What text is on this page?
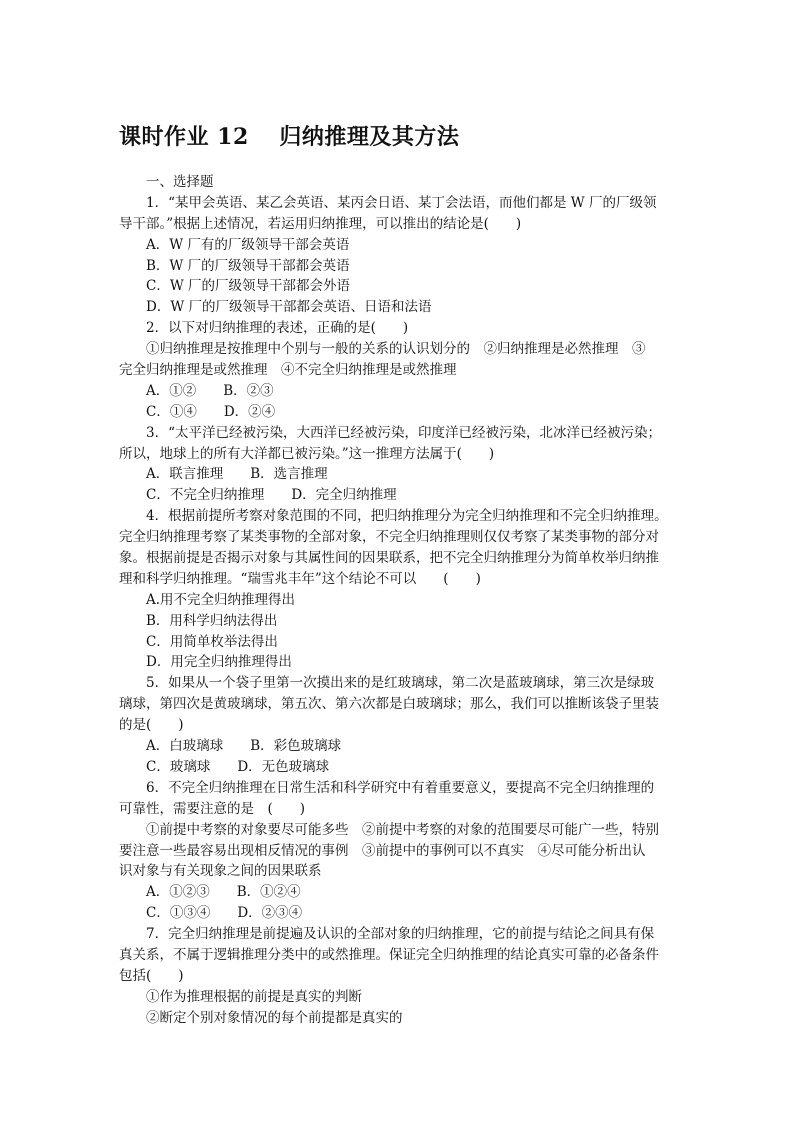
课时作业 12　 归纳推理及其方法
一、选择题
1．“某甲会英语、某乙会英语、某丙会日语、某丁会法语，而他们都是 W 厂的厂级领
导干部。”根据上述情况，若运用归纳推理，可以推出的结论是(　　)
A．W 厂有的厂级领导干部会英语
B．W 厂的厂级领导干部都会英语
C．W 厂的厂级领导干部都会外语
D．W 厂的厂级领导干部都会英语、日语和法语
2．以下对归纳推理的表述，正确的是(　　)
①归纳推理是按推理中个别与一般的关系的认识划分的　②归纳推理是必然推理　③
完全归纳推理是或然推理　④不完全归纳推理是或然推理
A．①②　　B．②③
C．①④　　D．②④
3．“太平洋已经被污染，大西洋已经被污染，印度洋已经被污染，北冰洋已经被污染；
所以，地球上的所有大洋都已被污染。”这一推理方法属于(　　)
A．联言推理　　B．选言推理
C．不完全归纳推理　　D．完全归纳推理
4．根据前提所考察对象范围的不同，把归纳推理分为完全归纳推理和不完全归纳推理。
完全归纳推理考察了某类事物的全部对象，不完全归纳推理则仅仅考察了某类事物的部分对
象。根据前提是否揭示对象与其属性间的因果联系，把不完全归纳推理分为简单枚举归纳推
理和科学归纳推理。“瑞雪兆丰年”这个结论不可以　　(　　)
A.用不完全归纳推理得出
B．用科学归纳法得出
C．用简单枚举法得出
D．用完全归纳推理得出
5．如果从一个袋子里第一次摸出来的是红玻璃球，第二次是蓝玻璃球，第三次是绿玻
璃球，第四次是黄玻璃球，第五次、第六次都是白玻璃球；那么，我们可以推断该袋子里装
的是(　　)
A．白玻璃球　　B．彩色玻璃球
C．玻璃球　　D．无色玻璃球
6．不完全归纳推理在日常生活和科学研究中有着重要意义，要提高不完全归纳推理的
可靠性，需要注意的是　(　　)
①前提中考察的对象要尽可能多些　②前提中考察的对象的范围要尽可能广一些，特别
要注意一些最容易出现相反情况的事例　③前提中的事例可以不真实　④尽可能分析出认
识对象与有关现象之间的因果联系
A．①②③　　B．①②④
C．①③④　　D．②③④
7．完全归纳推理是前提遍及认识的全部对象的归纳推理，它的前提与结论之间具有保
真关系，不属于逻辑推理分类中的或然推理。保证完全归纳推理的结论真实可靠的必备条件
包括(　　)
①作为推理根据的前提是真实的判断
②断定个别对象情况的每个前提都是真实的
